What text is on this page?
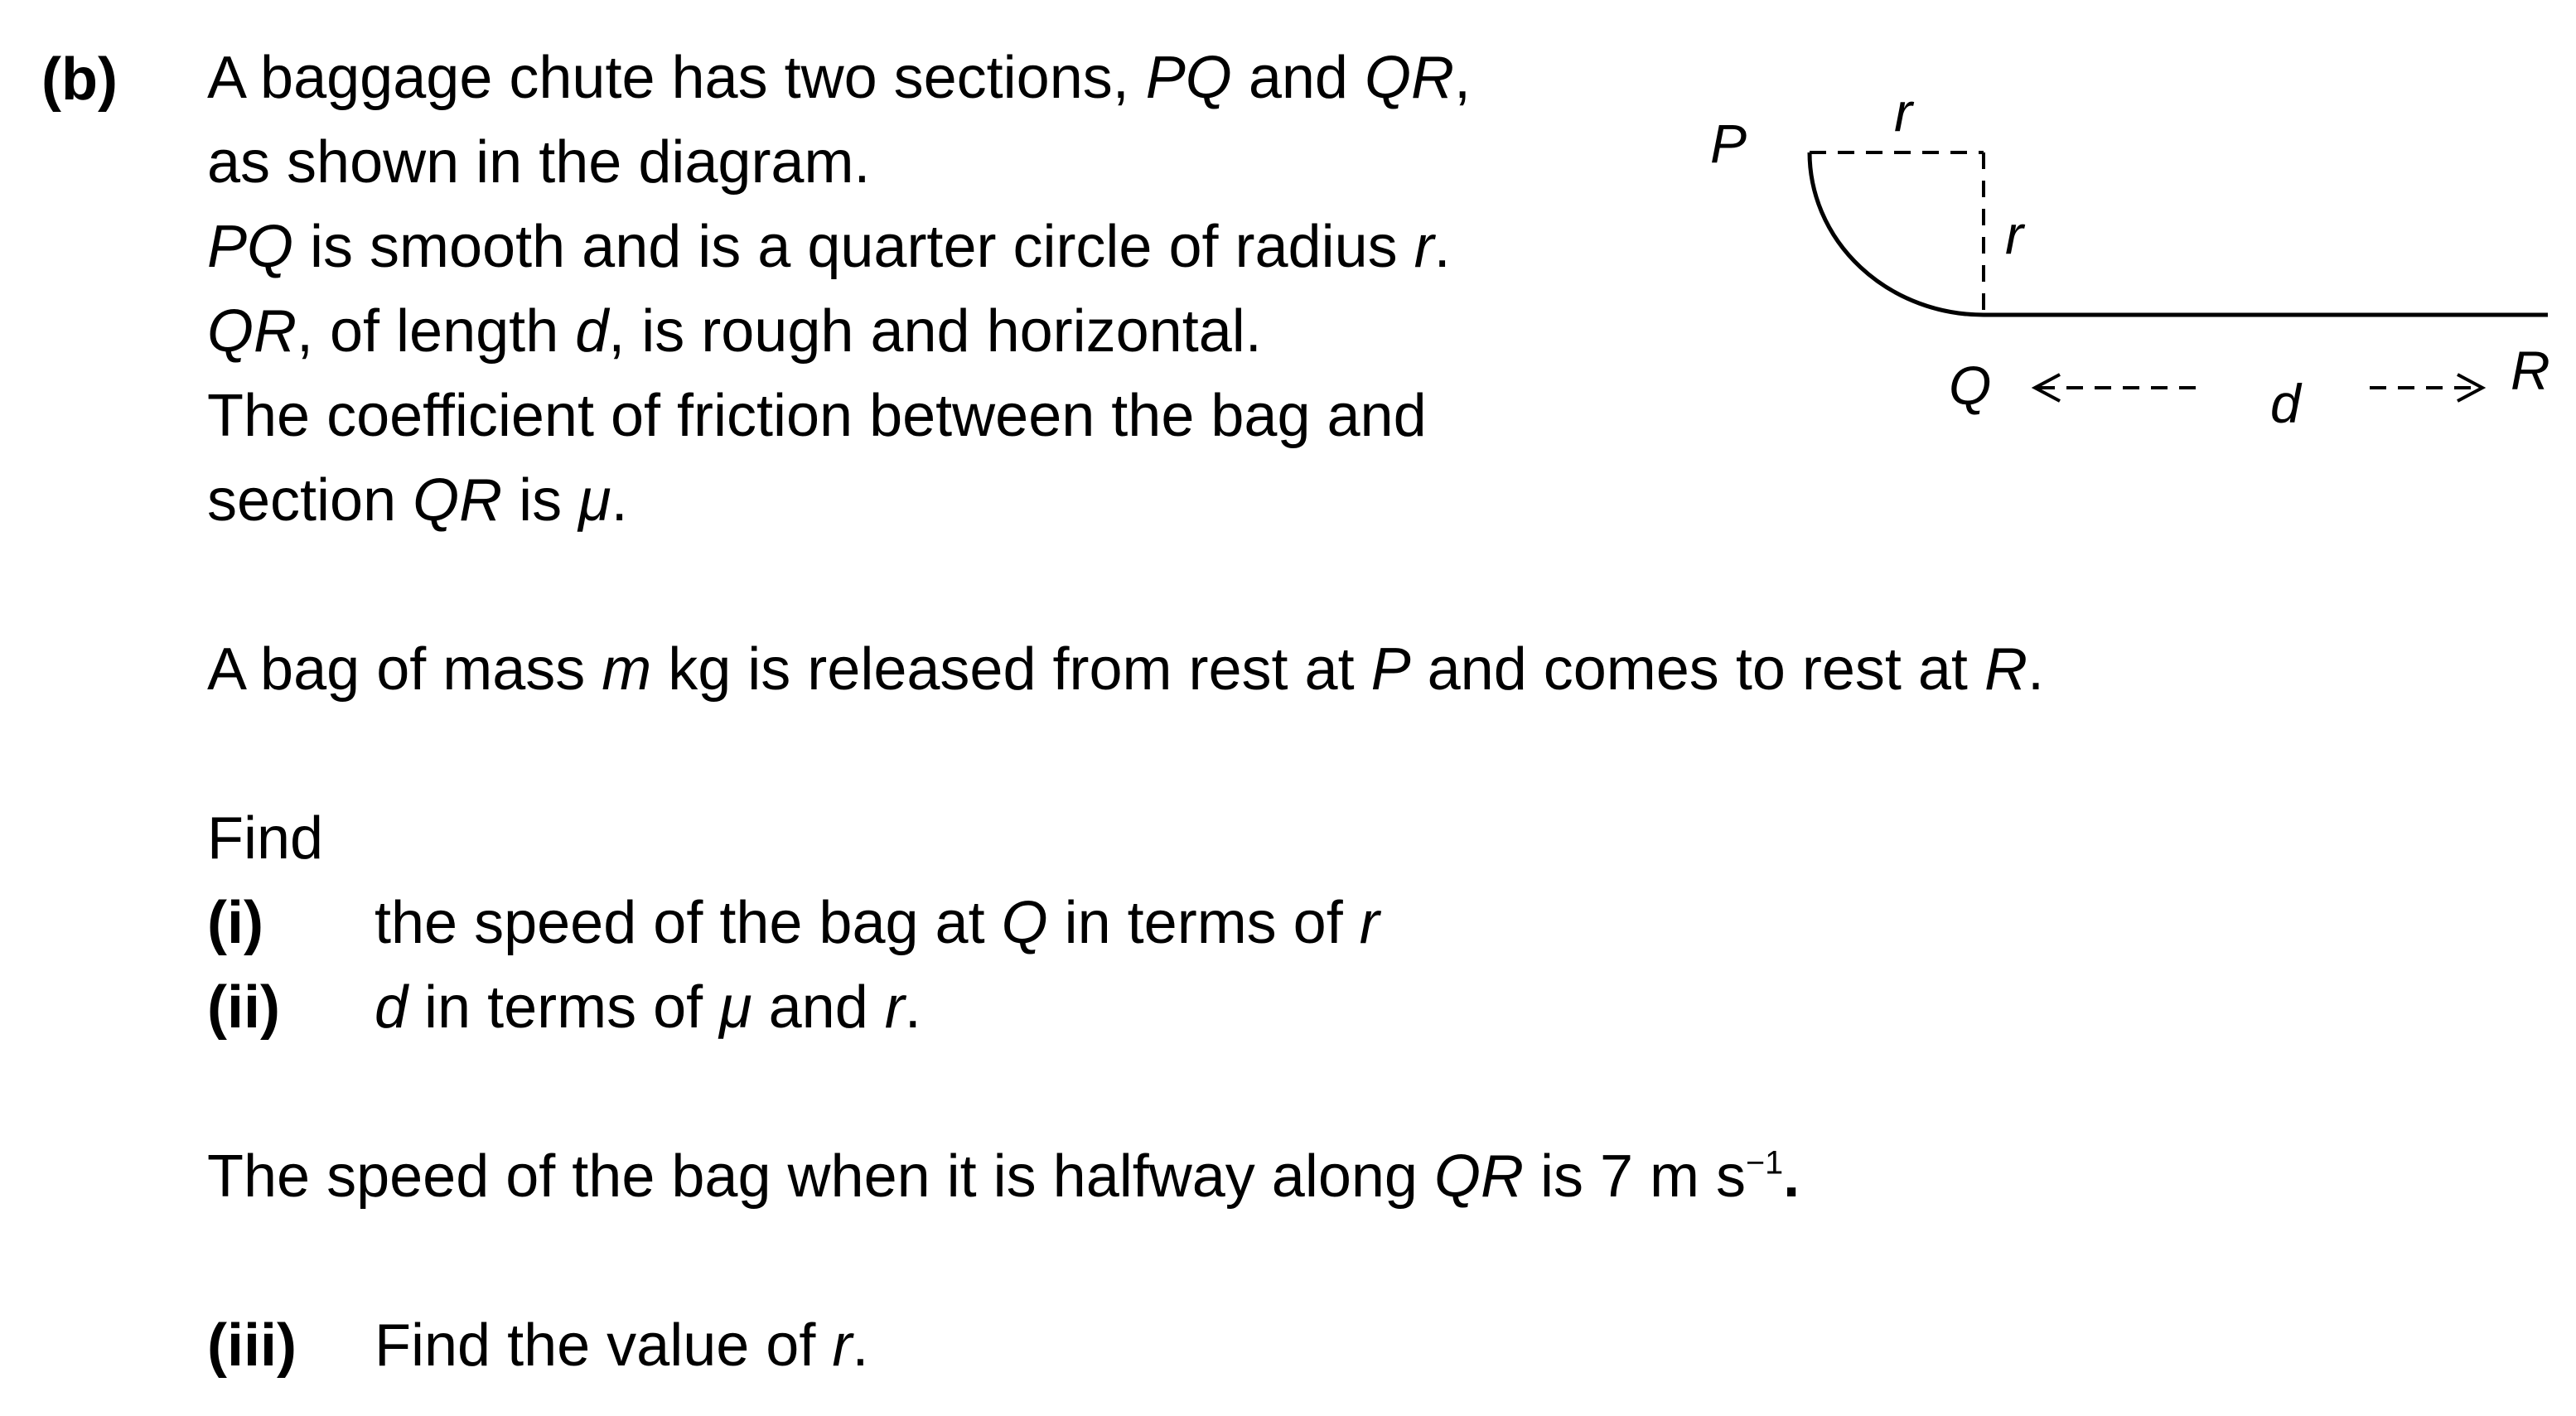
P
r
r
Q	d
R
(b) A baggage chute has two sections, PQ and QR,
as shown in the diagram.
PQ is smooth and is a quarter circle of radius r.
QR, of length d, is rough and horizontal.
The coefficient of friction between the bag and
section QR is μ.
A bag of mass m kg is released from rest at P and comes to rest at R.
Find
(i) the speed of the bag at Q in terms of r
(ii) d in terms of μ and r.
The speed of the bag when it is halfway along QR is 7 m $s^{-1}$.
(iii) Find the value of r.
